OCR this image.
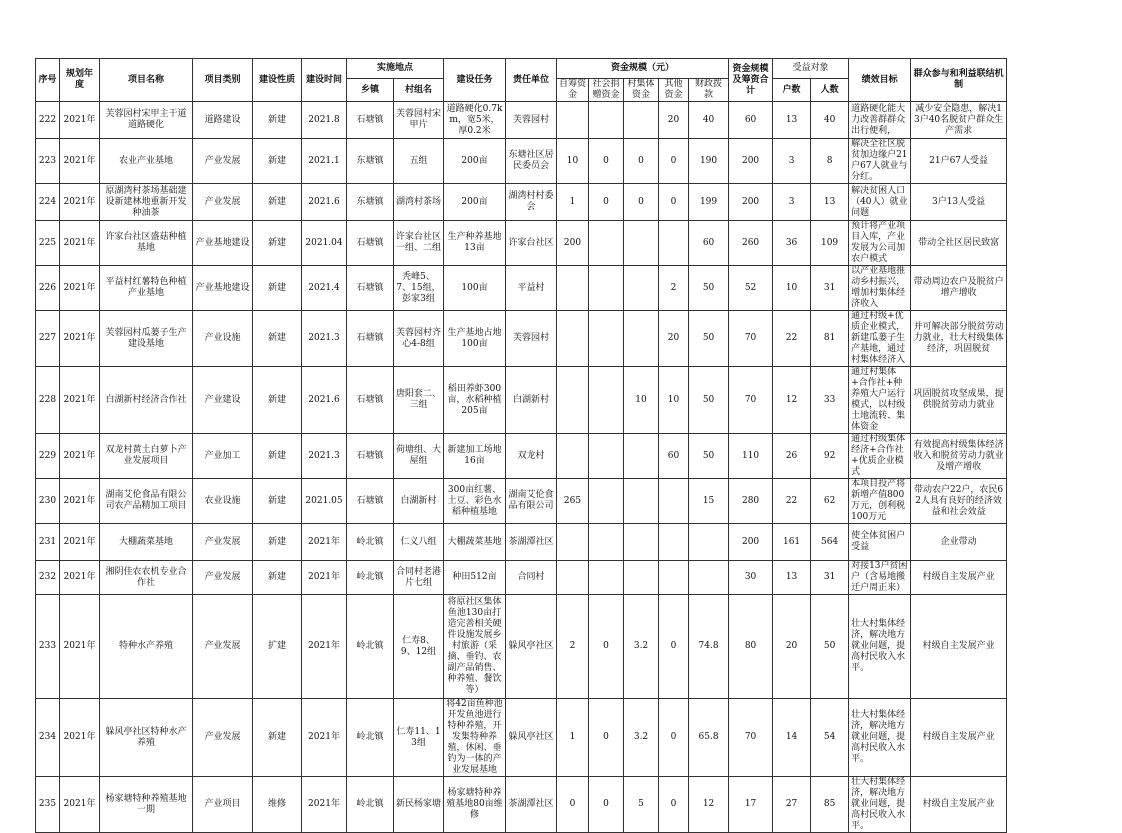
序号	规划年度	项目名称	项目类别	建设性质	建设时间	实施地点		建设任务	责任单位	资金规模（元）					资金规模及筹资合计	受益对象		绩效目标	群众参与和利益联结机制
						乡镇	村组名			自筹资金	社会捐赠资金	村集体资金	其他资金	财政拨款		户数	人数		
222	2021年	芙蓉园村宋甲主干道道路硬化	道路建设	新建	2021.8	石塘镇	芙蓉园村宋甲片	道路硬化0.7km，宽5米，厚0.2米	芙蓉园村				20	40	60	13	40	道路硬化能大力改善群群众出行便利，	减少安全隐患，解决13户40名脱贫户群众生产需求
223	2021年	农业产业基地	产业发展	新建	2021.1	东塘镇	五组	200亩	东塘社区居民委员会	10	0	0	0	190	200	3	8	解决全社区脱贫加边缘户21户67人就业与分红。	21户67人受益
224	2021年	原湖湾村茶场基础建设新建林地重新开发种油茶	产业发展	新建	2021.6	东塘镇	湖湾村茶场	200亩	湖湾村村委会	1	0	0	0	199	200	3	13	解决贫困人口（40人）就业问题	3户13人受益
225	2021年	许家台社区盛菇种植基地	产业基地建设	新建	2021.04	石塘镇	许家台社区一组、二组	生产种养基地13亩	许家台社区	200				60	260	36	109	预计将产业项目入库，产业发展为公司加农户模式	带动全社区居民致富
226	2021年	平益村红薯特色种植产业基地	产业基地建设	新建	2021.4	石塘镇	秃峰5、7、15组，彭家3组	100亩	平益村				2	50	52	10	31	以产业基地推动乡村振兴，增加村集体经济收入	带动周边农户及脱贫户增产增收
227	2021年	芙蓉园村瓜蒌子生产建设基地	产业设施	新建	2021.3	石塘镇	芙蓉园村齐心4-8组	生产基地占地100亩	芙蓉园村				20	50	70	22	81	通过村级+优质企业模式，新建瓜蒌子生产基地，通过村集体经济入	并可解决部分脱贫劳动力就业，壮大村级集体经济，巩固脱贫
228	2021年	白湖新村经济合作社	产业建设	新建	2021.6	石塘镇	唐阳套二、三组	稻田养虾300亩，水稻种植205亩	白湖新村			10	10	50	70	12	33	通过村集体+合作社+种养殖大户运行模式，以村级土地流转、集体资金	巩固脱贫攻坚成果，提供脱贫劳动力就业
229	2021年	双龙村黄土白萝卜产业发展项目	产业加工	新建	2021.3	石塘镇	荷塘组、大屋组	新建加工场地16亩	双龙村				60	50	110	26	92	通过村级集体经济+合作社+优质企业模式	有效提高村级集体经济收入和脱贫劳动力就业及增产增收
230	2021年	湖南艾伦食品有限公司农产品精加工项目	农业设施	新建	2021.05	石塘镇	白湖新村	300亩红薯、土豆、彩色水稻种植基地	湖南艾伦食品有限公司	265				15	280	22	62	本项目投产将新增产值800万元，创利税100万元	带动农户22户，农民62人具有良好的经济效益和社会效益
231	2021年	大棚蔬菜基地	产业发展	新建	2021年	岭北镇	仁义八组	大棚蔬菜基地	茶湖潭社区						200	161	564	使全体贫困户受益	企业带动
232	2021年	湘阴佳农农机专业合作社	产业发展	新建	2021年	岭北镇	合同村老港片七组	种田512亩	合同村						30	13	31	对接13户贫困户（含易地搬迁户周正来）	村级自主发展产业
233	2021年	特种水产养殖	产业发展	扩建	2021年	岭北镇	仁寿8、9、12组	将原社区集体鱼池130亩打造完善相关硬件设施发展乡村旅游（采摘、垂钓、农副产品销售、种养殖、餐饮等）	躲风亭社区	2	0	3.2	0	74.8	80	20	50	壮大村集体经济，解决地方就业问题，提高村民收入水平。	村级自主发展产业
234	2021年	躲风亭社区特种水产养殖	产业发展	新建	2021年	岭北镇	仁寿11、13组	将42亩鱼种池开发鱼池进行特种养殖，开发集特种养殖，休闲、垂钓为一体的产业发展基地	躲风亭社区	1	0	3.2	0	65.8	70	14	54	壮大村集体经济，解决地方就业问题，提高村民收入水平。	村级自主发展产业
235	2021年	杨家塘特种养殖基地一期	产业项目	维修	2021年	岭北镇	新民杨家塘	杨家塘特种养殖基地80亩维修	茶湖潭社区	0	0	5	0	12	17	27	85	壮大村集体经济，解决地方就业问题，提高村民收入水平。	村级自主发展产业
